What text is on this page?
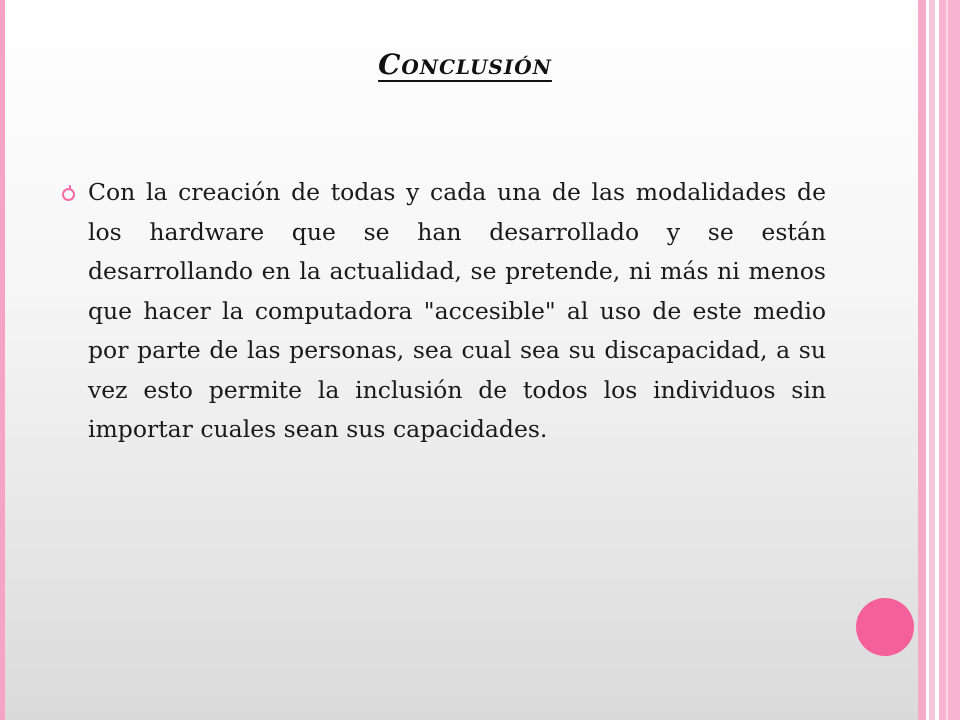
Conclusión

Con la creación de todas y cada una de las modalidades de los hardware que se han desarrollado y se están desarrollando en la actualidad, se pretende, ni más ni menos que hacer la computadora "accesible" al uso de este medio por parte de las personas, sea cual sea su discapacidad, a su vez esto permite la inclusión de todos los individuos sin importar cuales sean sus capacidades.
